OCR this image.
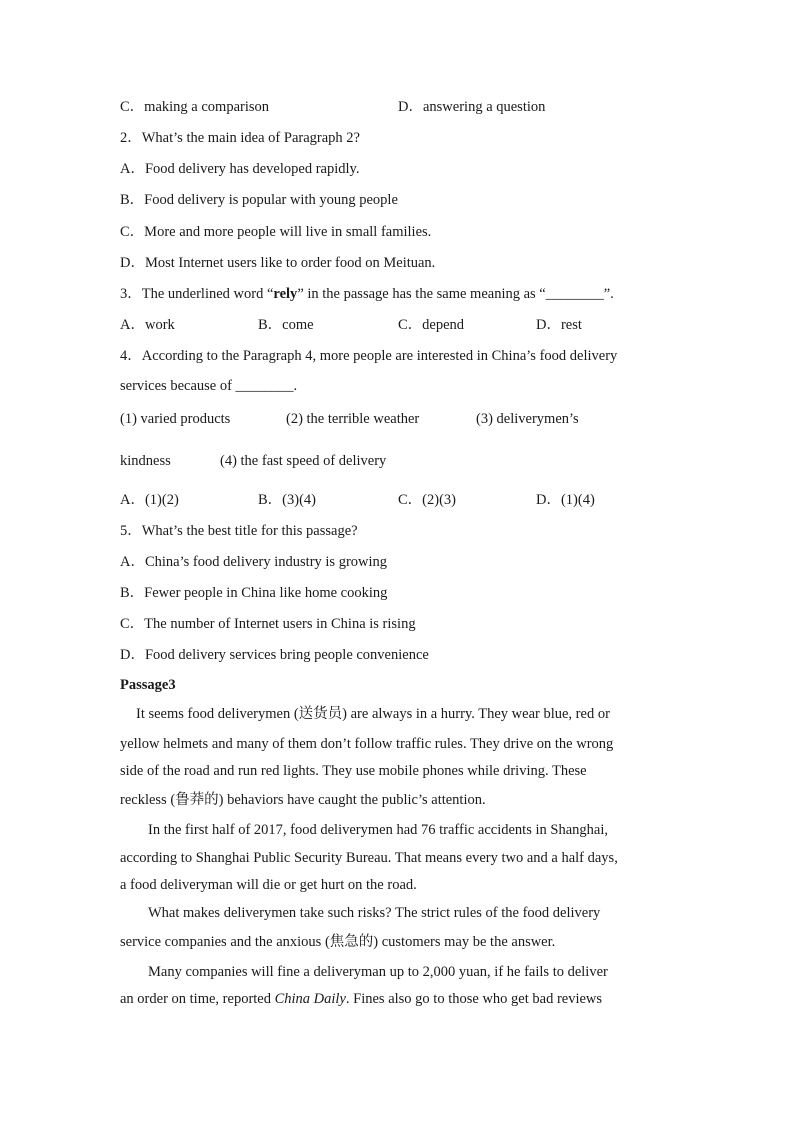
C．making a comparison	D．answering a question
2．What’s the main idea of Paragraph 2?
A．Food delivery has developed rapidly.
B．Food delivery is popular with young people
C．More and more people will live in small families.
D．Most Internet users like to order food on Meituan.
3．The underlined word “rely” in the passage has the same meaning as “________”.
A．work	B．come	C．depend	D．rest
4．According to the Paragraph 4, more people are interested in China’s food delivery
services because of ________.
(1) varied products	(2) the terrible weather	(3) deliverymen’s
kindness	(4) the fast speed of delivery
A．(1)(2)	B．(3)(4)	C．(2)(3)	D．(1)(4)
5．What’s the best title for this passage?
A．China’s food delivery industry is growing
B．Fewer people in China like home cooking
C．The number of Internet users in China is rising
D．Food delivery services bring people convenience
Passage3
It seems food deliverymen (送货员) are always in a hurry. They wear blue, red or
yellow helmets and many of them don’t follow traffic rules. They drive on the wrong
side of the road and run red lights. They use mobile phones while driving. These
reckless (鲁莽的) behaviors have caught the public’s attention.
In the first half of 2017, food deliverymen had 76 traffic accidents in Shanghai,
according to Shanghai Public Security Bureau. That means every two and a half days,
a food deliveryman will die or get hurt on the road.
What makes deliverymen take such risks? The strict rules of the food delivery
service companies and the anxious (焦急的) customers may be the answer.
Many companies will fine a deliveryman up to 2,000 yuan, if he fails to deliver
an order on time, reported China Daily. Fines also go to those who get bad reviews
